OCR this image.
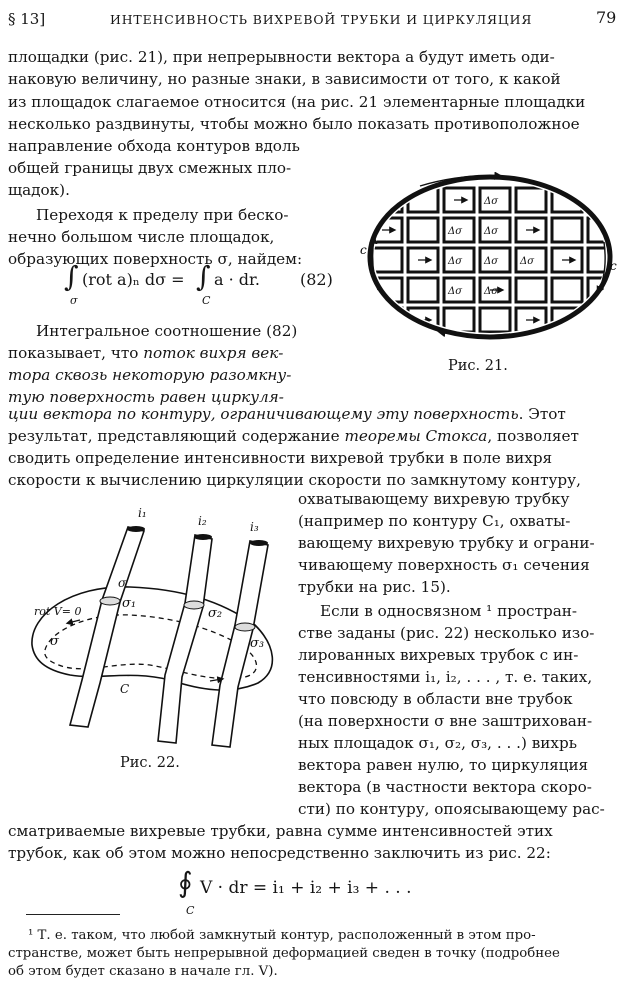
§ 13]	ИНТЕНСИВНОСТЬ ВИХРЕВОЙ ТРУБКИ И ЦИРКУЛЯЦИЯ	79
площадки (рис. 21), при непрерывности вектора a будут иметь оди-
наковую величину, но разные знаки, в зависимости от того, к какой
из площадок слагаемое относится (на рис. 21 элементарные площадки
несколько раздвинуты, чтобы можно было показать противоположное
направление обхода контуров вдоль
общей границы двух смежных пло-
щадок).
Переходя к пределу при беско-
нечно большом числе площадок,
образующих поверхность σ, найдем:
∫ (rot a)ₙ dσ =
σ
∫ a · dr.
C
(82)
Интегральное соотношение (82)
показывает, что поток вихря век-
тора сквозь некоторую разомкну-
тую поверхность равен циркуля-
ции вектора по контуру, ограничивающему эту поверхность. Этот
результат, представляющий содержание теоремы Стокса, позволяет
сводить определение интенсивности вихревой трубки в поле вихря
скорости к вычислению циркуляции скорости по замкнутому контуру,
охватывающему вихревую трубку
(например по контуру C₁, охваты-
вающему вихревую трубку и ограни-
чивающему поверхность σ₁ сечения
трубки на рис. 15).
Если в односвязном ¹ простран-
стве заданы (рис. 22) несколько изо-
лированных вихревых трубок с ин-
тенсивностями i₁, i₂, . . . , т. е. таких,
что повсюду в области вне трубок
(на поверхности σ вне заштрихован-
ных площадок σ₁, σ₂, σ₃, . . .) вихрь
вектора равен нулю, то циркуляция
вектора (в частности вектора скоро-
сти) по контуру, опоясывающему рас-
сматриваемые вихревые трубки, равна сумме интенсивностей этих
трубок, как об этом можно непосредственно заключить из рис. 22:
∮ V · dr = i₁ + i₂ + i₃ + . . .
C
¹ Т. е. таком, что любой замкнутый контур, расположенный в этом про-
странстве, может быть непрерывной деформацией сведен в точку (подробнее
об этом будет сказано в начале гл. V).
Δσ
Δσ
Δσ
Δσ Δσ Δσ
Δσ
Δσ
c
c
Рис. 21.
i₁
i₂	i₃
rot V= 0
σ
σ
σ₁
σ₂
σ₃
C
Рис. 22.
